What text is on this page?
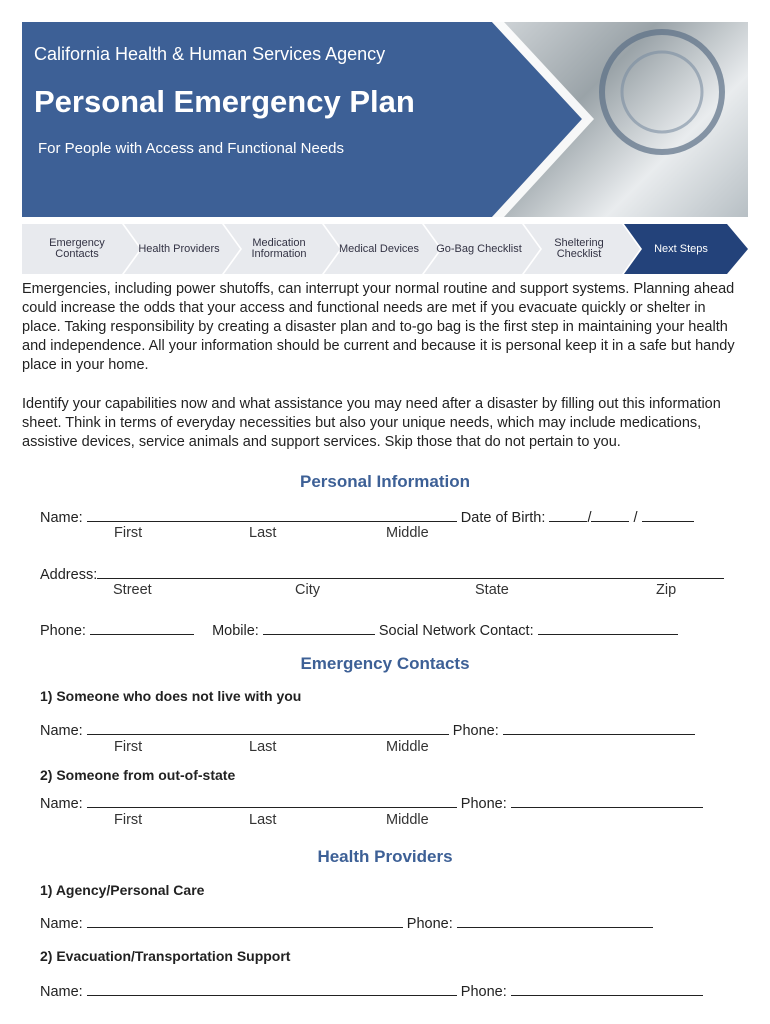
California Health & Human Services Agency
Personal Emergency Plan
For People with Access and Functional Needs
Emergency Contacts	Health Providers	Medication Information	Medical Devices	Go-Bag Checklist	Sheltering Checklist	Next Steps
Emergencies, including power shutoffs, can interrupt your normal routine and support systems. Planning ahead could increase the odds that your access and functional needs are met if you evacuate quickly or shelter in place. Taking responsibility by creating a disaster plan and to-go bag is the first step in maintaining your health and independence. All your information should be current and because it is personal keep it in a safe but handy place in your home.
Identify your capabilities now and what assistance you may need after a disaster by filling out this information sheet. Think in terms of everyday necessities but also your unique needs, which may include medications, assistive devices, service animals and support services. Skip those that do not pertain to you.
Personal Information
Name:	Date of Birth:	/	/
First	Last	Middle
Address:
Street	City	State	Zip
Phone:	Mobile:	Social Network Contact:
Emergency Contacts
1) Someone who does not live with you
Name:	Phone:
First	Last	Middle
2) Someone from out-of-state
Name:	Phone:
First	Last	Middle
Health Providers
1) Agency/Personal Care
Name:	Phone:
2) Evacuation/Transportation Support
Name:	Phone:
